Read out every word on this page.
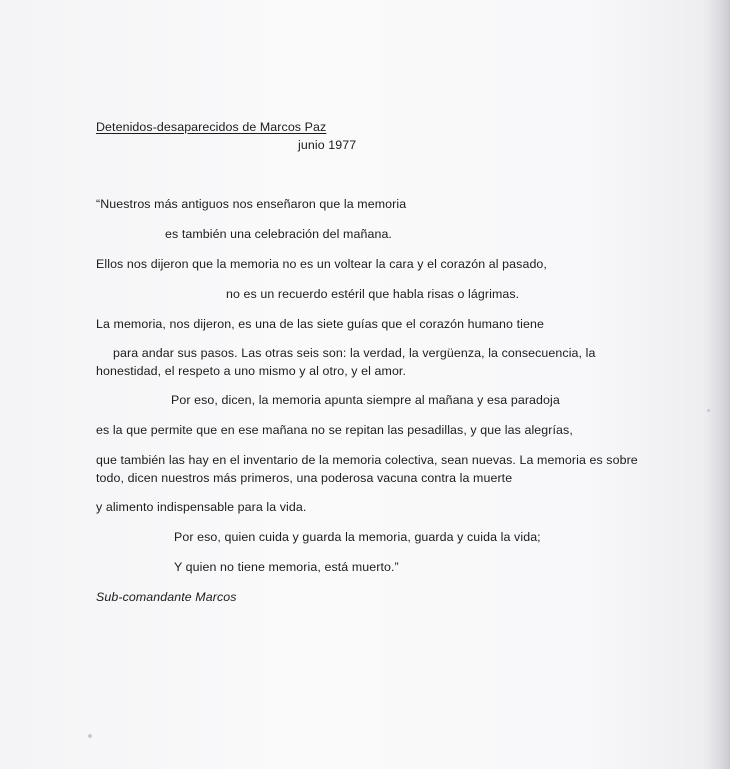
Detenidos-desaparecidos de Marcos Paz
junio 1977
“Nuestros más antiguos nos enseñaron que la memoria
es también una celebración del mañana.
Ellos nos dijeron que la memoria no es un voltear la cara y el corazón al pasado,
no es un recuerdo estéril que habla risas o lágrimas.
La memoria, nos dijeron, es una de las siete guías que el corazón humano tiene
para andar sus pasos. Las otras seis son: la verdad, la vergüenza, la consecuencia, la
honestidad, el respeto a uno mismo y al otro, y el amor.
Por eso, dicen, la memoria apunta siempre al mañana y esa paradoja
es la que permite que en ese mañana no se repitan las pesadillas, y que las alegrías,
que también las hay en el inventario de la memoria colectiva, sean nuevas. La memoria es sobre
todo, dicen nuestros más primeros, una poderosa vacuna contra la muerte
y alimento indispensable para la vida.
Por eso, quien cuida y guarda la memoria, guarda y cuida la vida;
Y quien no tiene memoria, está muerto.”
Sub-comandante Marcos
